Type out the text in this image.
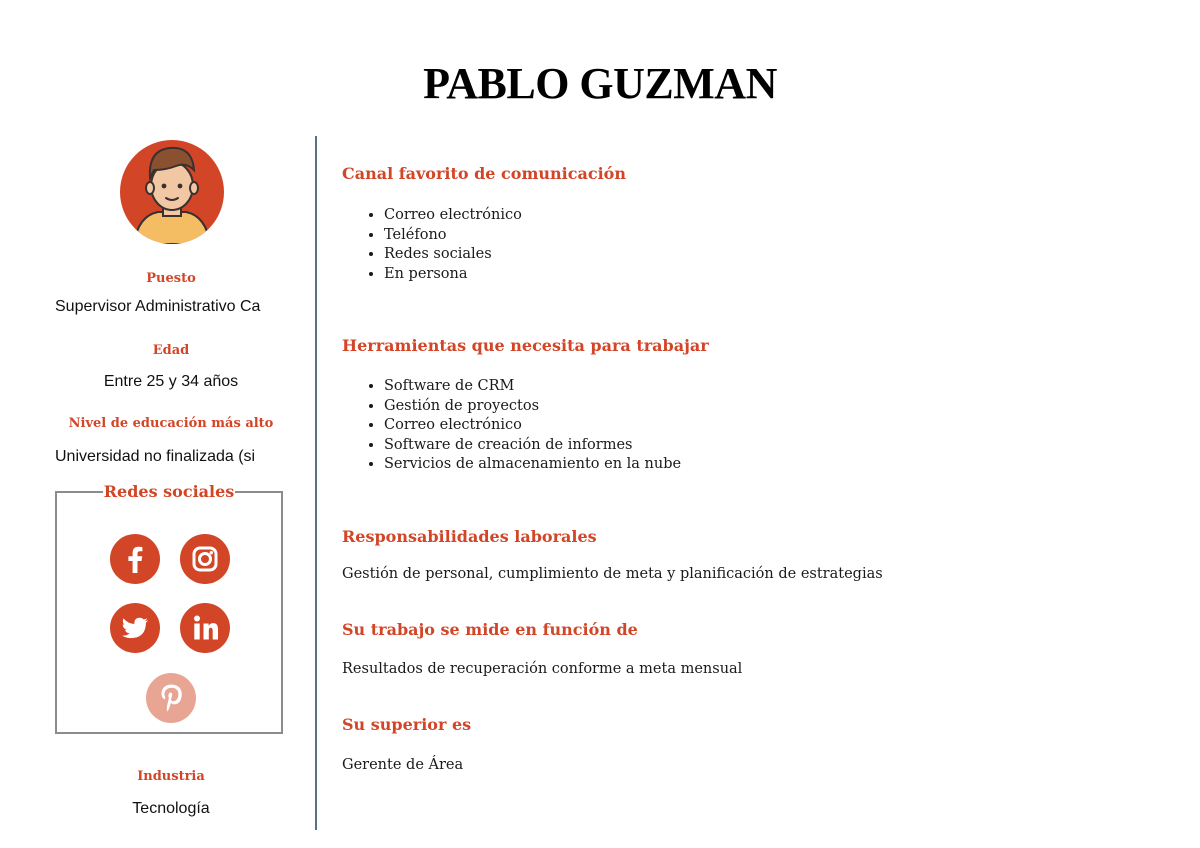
PABLO GUZMAN
Puesto
Supervisor Administrativo Ca
Edad
Entre 25 y 34 años
Nivel de educación más alto
Universidad no finalizada (si
Redes sociales
Industria
Tecnología
Canal favorito de comunicación
• Correo electrónico
• Teléfono
• Redes sociales
• En persona
Herramientas que necesita para trabajar
• Software de CRM
• Gestión de proyectos
• Correo electrónico
• Software de creación de informes
• Servicios de almacenamiento en la nube
Responsabilidades laborales
Gestión de personal, cumplimiento de meta y planificación de estrategias
Su trabajo se mide en función de
Resultados de recuperación conforme a meta mensual
Su superior es
Gerente de Área
